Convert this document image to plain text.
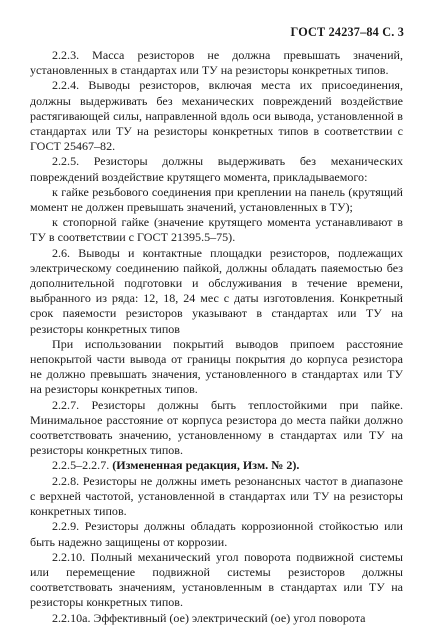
ГОСТ 24237–84 С. 3

2.2.3. Масса резисторов не должна превышать значений, установленных в стандартах или ТУ на резисторы конкретных типов.

2.2.4. Выводы резисторов, включая места их присоединения, должны выдерживать без механических повреждений воздействие растягивающей силы, направленной вдоль оси вывода, установленной в стандартах или ТУ на резисторы конкретных типов в соответствии с ГОСТ 25467–82.

2.2.5. Резисторы должны выдерживать без механических повреждений воздействие крутящего момента, прикладываемого:

к гайке резьбового соединения при креплении на панель (крутящий момент не должен превышать значений, установленных в ТУ);

к стопорной гайке (значение крутящего момента устанавливают в ТУ в соответствии с ГОСТ 21395.5–75).

2.6. Выводы и контактные площадки резисторов, подлежащих электрическому соединению пайкой, должны обладать паяемостью без дополнительной подготовки и обслуживания в течение времени, выбранного из ряда: 12, 18, 24 мес с даты изготовления. Конкретный срок паяемости резисторов указывают в стандартах или ТУ на резисторы конкретных типов

При использовании покрытий выводов припоем расстояние непокрытой части вывода от границы покрытия до корпуса резистора не должно превышать значения, установленного в стандартах или ТУ на резисторы конкретных типов.

2.2.7. Резисторы должны быть теплостойкими при пайке. Минимальное расстояние от корпуса резистора до места пайки должно соответствовать значению, установленному в стандартах или ТУ на резисторы конкретных типов.

2.2.5–2.2.7. (Измененная редакция, Изм. № 2).

2.2.8. Резисторы не должны иметь резонансных частот в диапазоне с верхней частотой, установленной в стандартах или ТУ на резисторы конкретных типов.

2.2.9. Резисторы должны обладать коррозионной стойкостью или быть надежно защищены от коррозии.

2.2.10. Полный механический угол поворота подвижной системы или перемещение подвижной системы резисторов должны соответствовать значениям, установленным в стандартах или ТУ на резисторы конкретных типов.

2.2.10а. Эффективный (ое) электрический (ое) угол поворота
